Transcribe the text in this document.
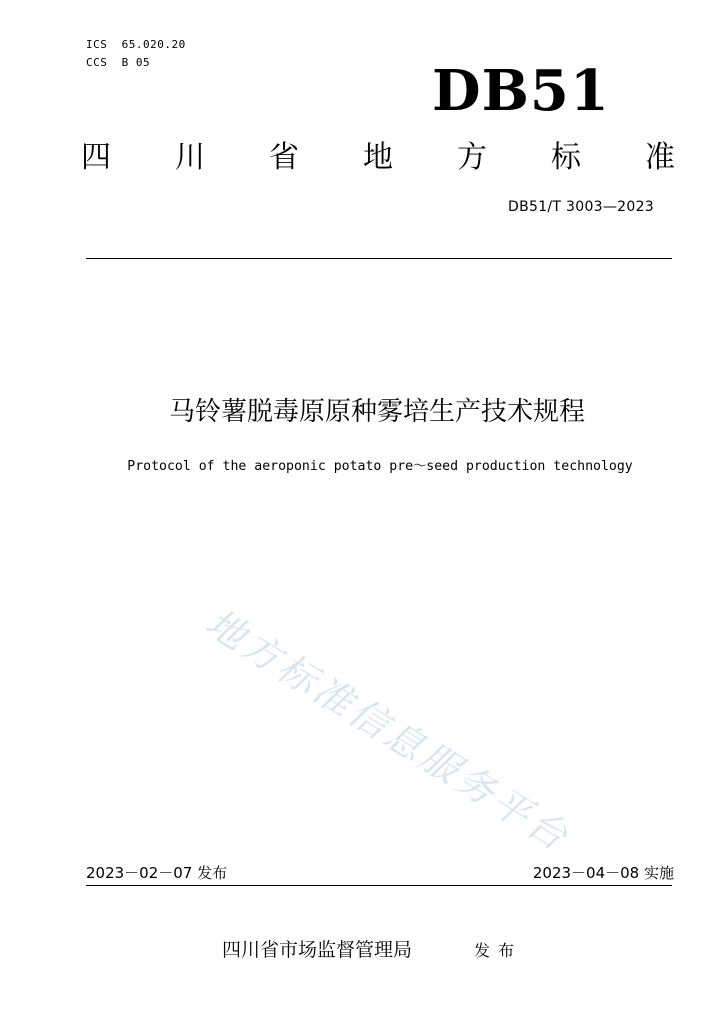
ICS  65.020.20
CCS  B 05	DB51
四 川 省 地 方 标 准
DB51/T 3003—2023
马铃薯脱毒原原种雾培生产技术规程
Protocol of the aeroponic potato pre～seed production technology
地方标准信息服务平台
2023－02－07 发布	2023－04－08 实施
四川省市场监督管理局	发布
